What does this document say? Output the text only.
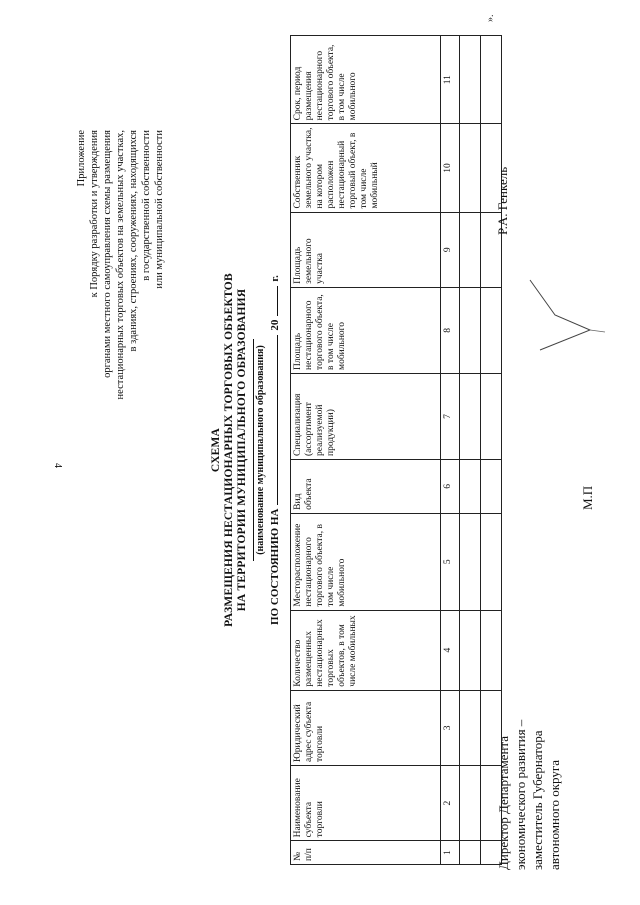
4
Приложение к Порядку разработки и утверждения органами местного самоуправления схемы размещения нестационарных торговых объектов на земельных участках, в зданиях, строениях, сооружениях, находящихся в государственной собственности или муниципальной собственности
СХЕМА РАЗМЕЩЕНИЯ НЕСТАЦИОНАРНЫХ ТОРГОВЫХ ОБЪЕКТОВ НА ТЕРРИТОРИИ МУНИЦИПАЛЬНОГО ОБРАЗОВАНИЯ (наименование муниципального образования)
ПО СОСТОЯНИЮ НА20г.
№ п/п	Наименование субъекта торговли	Юридический адрес субъекта торговли	Количество размещенных нестационарных торговых объектов, в том числе мобильных	Месторасположение нестационарного торгового объекта, в том числе мобильного	Вид объекта	Специализация (ассортимент реализуемой продукции)	Площадь нестационарного торгового объекта, в том числе мобильного	Площадь земельного участка	Собственник земельного участка, на котором расположен нестационарный торговый объект, в том числе мобильный	Срок, период размещения нестационарного торгового объекта, в том числе мобильного
1	2	3	4	5	6	7	8	9	10	11

».
Директор Департамента экономического развития – заместитель Губернатора автономного округа
М.П
Р.А. Генкель
